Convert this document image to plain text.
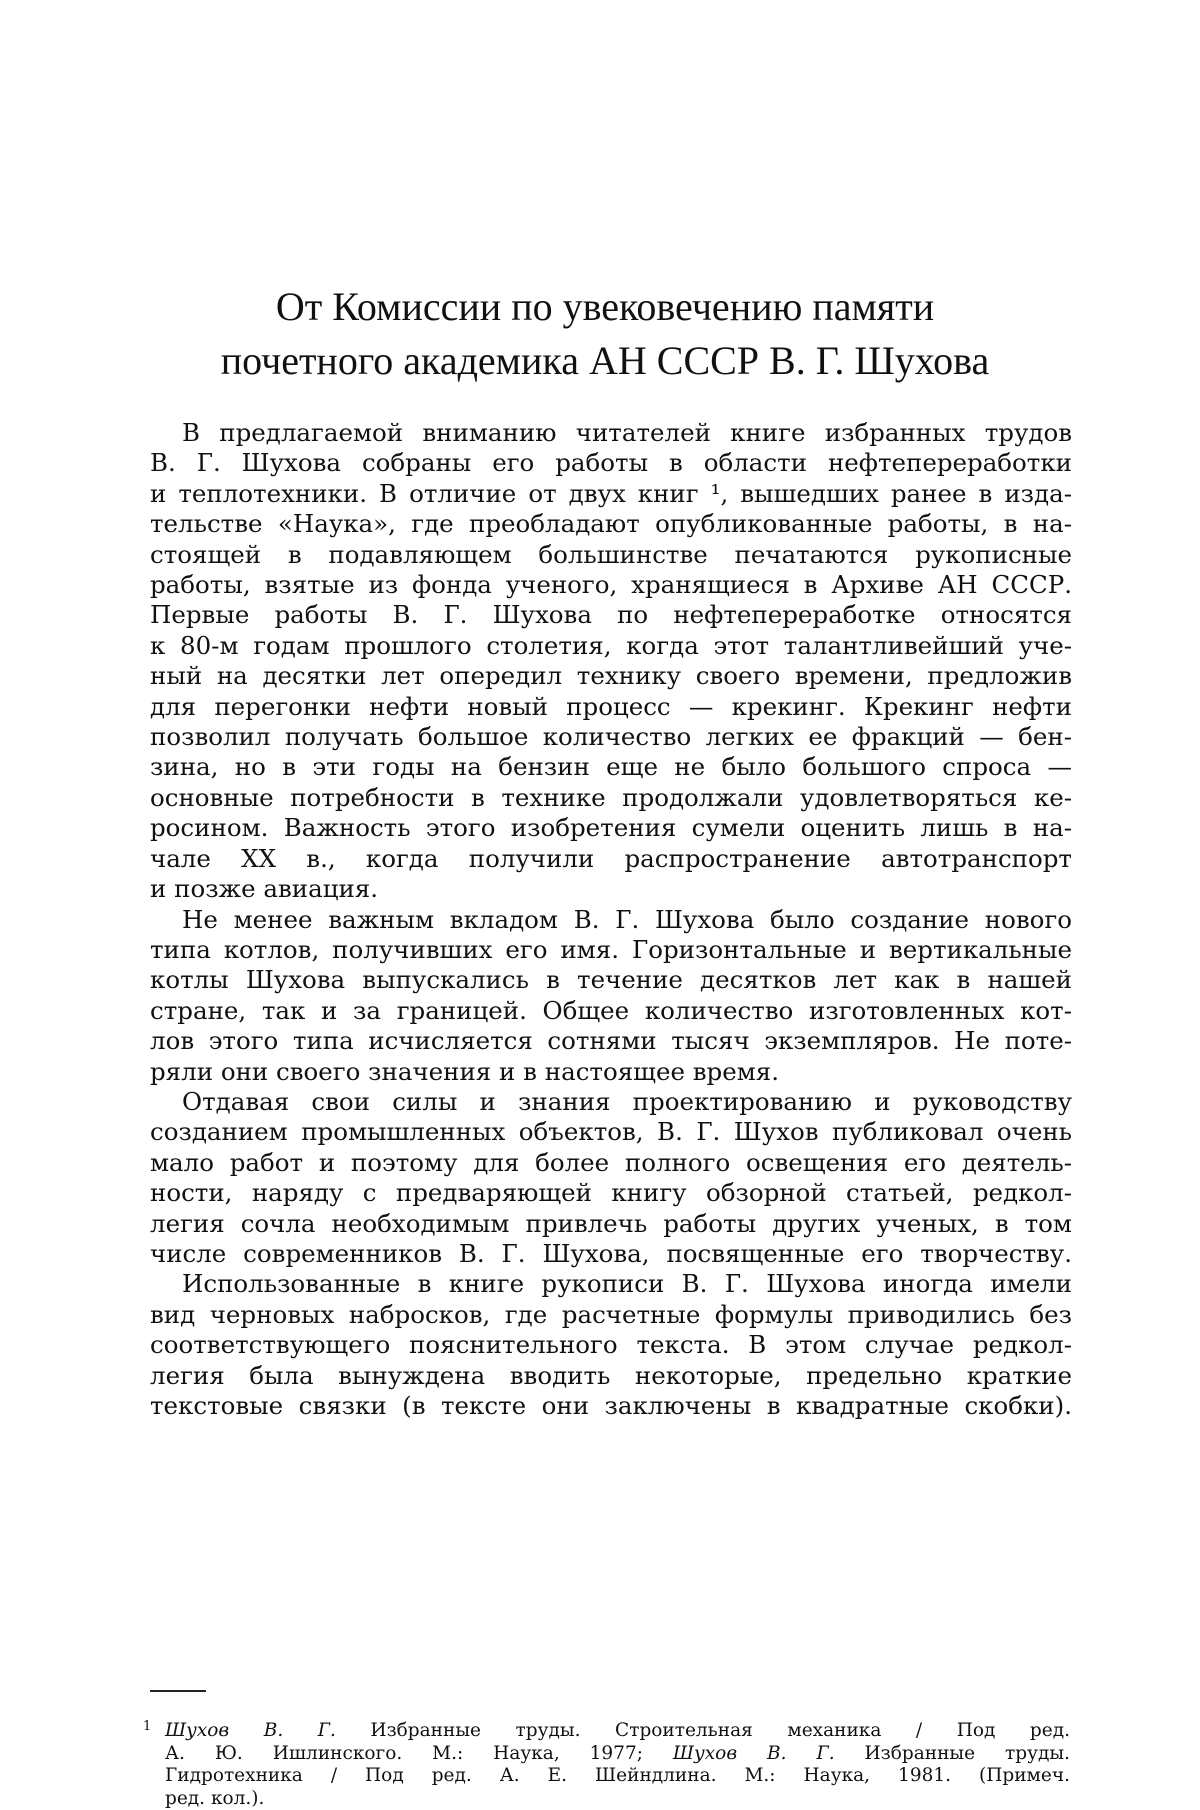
От Комиссии по увековечению памяти
почетного академика АН СССР В. Г. Шухова
В предлагаемой вниманию читателей книге избранных трудов
В. Г. Шухова собраны его работы в области нефтепереработки
и теплотехники. В отличие от двух книг ¹, вышедших ранее в изда-
тельстве «Наука», где преобладают опубликованные работы, в на-
стоящей в подавляющем большинстве печатаются рукописные
работы, взятые из фонда ученого, хранящиеся в Архиве АН СССР.
Первые работы В. Г. Шухова по нефтепереработке относятся
к 80-м годам прошлого столетия, когда этот талантливейший уче-
ный на десятки лет опередил технику своего времени, предложив
для перегонки нефти новый процесс — крекинг. Крекинг нефти
позволил получать большое количество легких ее фракций — бен-
зина, но в эти годы на бензин еще не было большого спроса —
основные потребности в технике продолжали удовлетворяться ке-
росином. Важность этого изобретения сумели оценить лишь в на-
чале XX в., когда получили распространение автотранспорт
и позже авиация.
Не менее важным вкладом В. Г. Шухова было создание нового
типа котлов, получивших его имя. Горизонтальные и вертикальные
котлы Шухова выпускались в течение десятков лет как в нашей
стране, так и за границей. Общее количество изготовленных кот-
лов этого типа исчисляется сотнями тысяч экземпляров. Не поте-
ряли они своего значения и в настоящее время.
Отдавая свои силы и знания проектированию и руководству
созданием промышленных объектов, В. Г. Шухов публиковал очень
мало работ и поэтому для более полного освещения его деятель-
ности, наряду с предваряющей книгу обзорной статьей, редкол-
легия сочла необходимым привлечь работы других ученых, в том
числе современников В. Г. Шухова, посвященные его творчеству.
Использованные в книге рукописи В. Г. Шухова иногда имели
вид черновых набросков, где расчетные формулы приводились без
соответствующего пояснительного текста. В этом случае редкол-
легия была вынуждена вводить некоторые, предельно краткие
текстовые связки (в тексте они заключены в квадратные скобки).
1 Шухов В. Г. Избранные труды. Строительная механика / Под ред.
А. Ю. Ишлинского. М.: Наука, 1977; Шухов В. Г. Избранные труды.
Гидротехника / Под ред. А. Е. Шейндлина. М.: Наука, 1981. (Примеч.
ред. кол.).
